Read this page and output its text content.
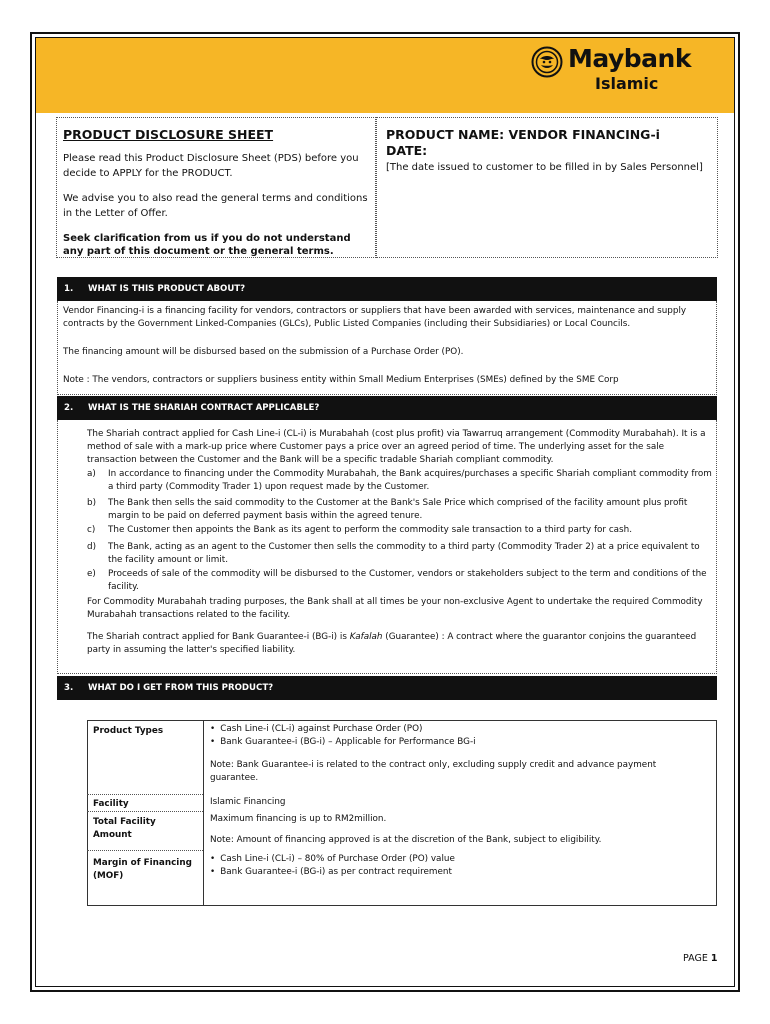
Maybank
Islamic
PRODUCT DISCLOSURE SHEET
Please read this Product Disclosure Sheet (PDS) before you decide to APPLY for the PRODUCT.
We advise you to also read the general terms and conditions in the Letter of Offer.
Seek clarification from us if you do not understand any part of this document or the general terms.
PRODUCT NAME: VENDOR FINANCING-i
DATE:
[The date issued to customer to be filled in by Sales Personnel]
1. WHAT IS THIS PRODUCT ABOUT?
Vendor Financing-i is a financing facility for vendors, contractors or suppliers that have been awarded with services, maintenance and supply contracts by the Government Linked-Companies (GLCs), Public Listed Companies (including their Subsidiaries) or Local Councils.
The financing amount will be disbursed based on the submission of a Purchase Order (PO).
Note : The vendors, contractors or suppliers business entity within Small Medium Enterprises (SMEs) defined by the SME Corp
2. WHAT IS THE SHARIAH CONTRACT APPLICABLE?
The Shariah contract applied for Cash Line-i (CL-i) is Murabahah (cost plus profit) via Tawarruq arrangement (Commodity Murabahah). It is a method of sale with a mark-up price where Customer pays a price over an agreed period of time. The underlying asset for the sale transaction between the Customer and the Bank will be a specific tradable Shariah compliant commodity.
a) In accordance to financing under the Commodity Murabahah, the Bank acquires/purchases a specific Shariah compliant commodity from a third party (Commodity Trader 1) upon request made by the Customer.
b) The Bank then sells the said commodity to the Customer at the Bank's Sale Price which comprised of the facility amount plus profit margin to be paid on deferred payment basis within the agreed tenure.
c) The Customer then appoints the Bank as its agent to perform the commodity sale transaction to a third party for cash.
d) The Bank, acting as an agent to the Customer then sells the commodity to a third party (Commodity Trader 2) at a price equivalent to the facility amount or limit.
e) Proceeds of sale of the commodity will be disbursed to the Customer, vendors or stakeholders subject to the term and conditions of the facility.
For Commodity Murabahah trading purposes, the Bank shall at all times be your non-exclusive Agent to undertake the required Commodity Murabahah transactions related to the facility.
The Shariah contract applied for Bank Guarantee-i (BG-i) is Kafalah (Guarantee) : A contract where the guarantor conjoins the guaranteed party in assuming the latter's specified liability.
3. WHAT DO I GET FROM THIS PRODUCT?
Product Types
•	Cash Line-i (CL-i) against Purchase Order (PO)
• Bank Guarantee-i (BG-i) – Applicable for Performance BG-i
Note: Bank Guarantee-i is related to the contract only, excluding supply credit and advance payment guarantee.
Facility	Islamic Financing
Total Facility Amount
Maximum financing is up to RM2million.
Note: Amount of financing approved is at the discretion of the Bank, subject to eligibility.
Margin of Financing (MOF)
• Cash Line-i (CL-i) – 80% of Purchase Order (PO) value
• Bank Guarantee-i (BG-i) as per contract requirement
PAGE 1
